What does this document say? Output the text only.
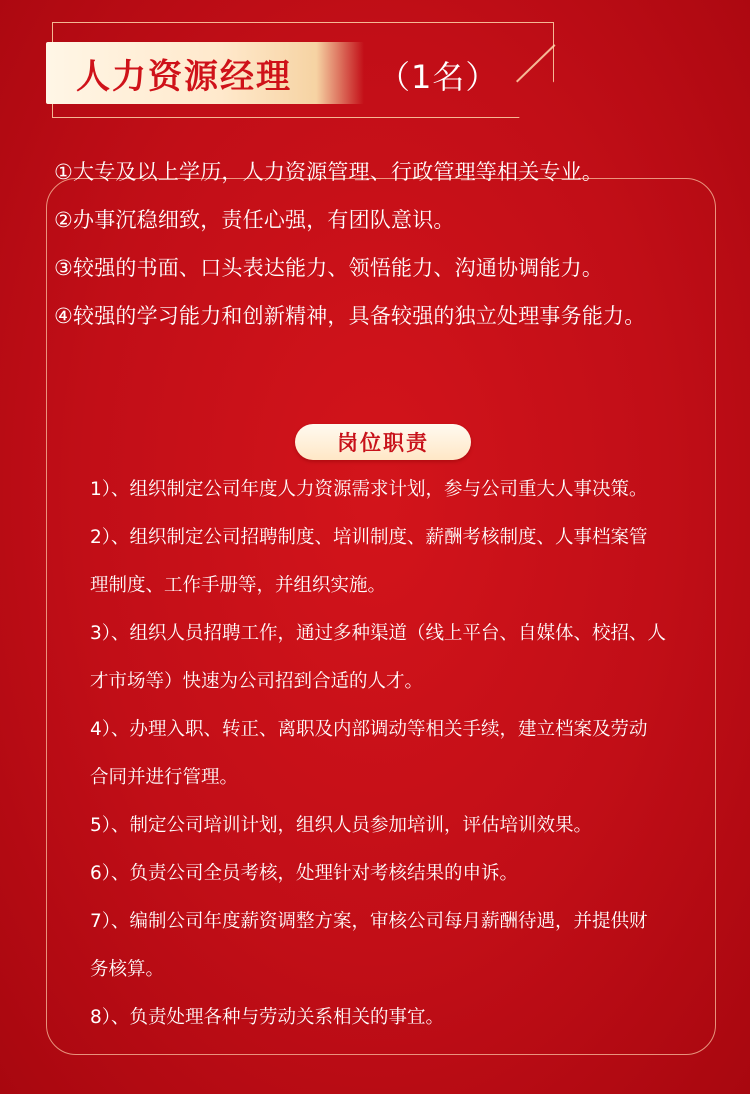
人力资源经理	（1名）
①大专及以上学历，人力资源管理、行政管理等相关专业。
②办事沉稳细致，责任心强，有团队意识。
③较强的书面、口头表达能力、领悟能力、沟通协调能力。
④较强的学习能力和创新精神，具备较强的独立处理事务能力。
岗位职责
1）、组织制定公司年度人力资源需求计划，参与公司重大人事决策。
2）、组织制定公司招聘制度、培训制度、薪酬考核制度、人事档案管
理制度、工作手册等，并组织实施。
3）、组织人员招聘工作，通过多种渠道（线上平台、自媒体、校招、人
才市场等）快速为公司招到合适的人才。
4）、办理入职、转正、离职及内部调动等相关手续，建立档案及劳动
合同并进行管理。
5）、制定公司培训计划，组织人员参加培训，评估培训效果。
6）、负责公司全员考核，处理针对考核结果的申诉。
7）、编制公司年度薪资调整方案，审核公司每月薪酬待遇，并提供财
务核算。
8）、负责处理各种与劳动关系相关的事宜。
